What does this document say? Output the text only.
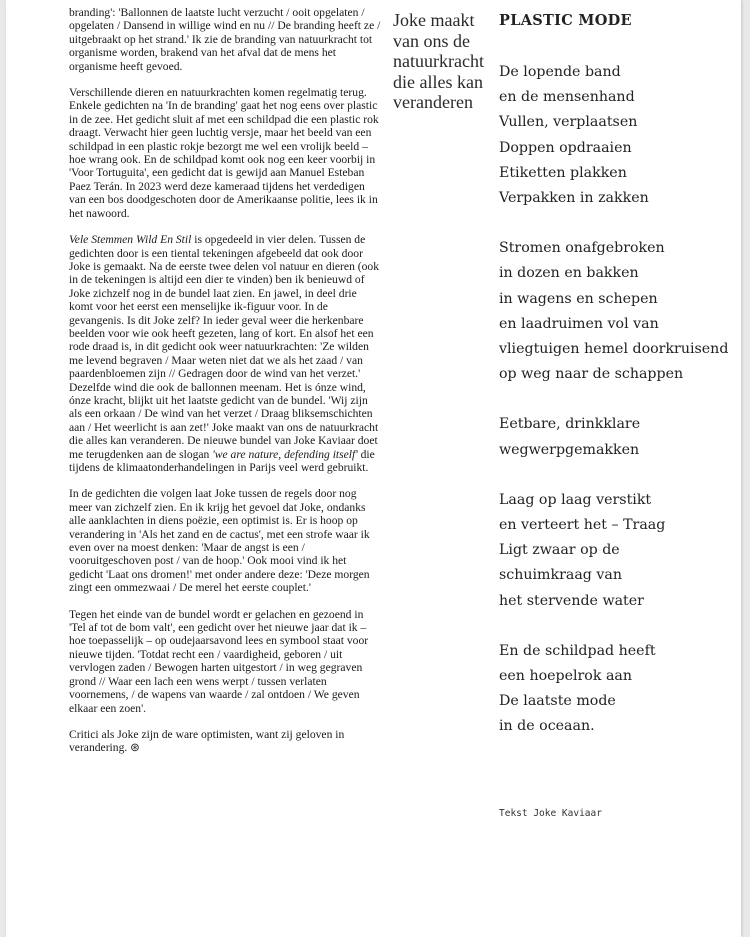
branding': 'Ballonnen de laatste lucht verzucht / ooit opgelaten / opgelaten / Dansend in willige wind en nu // De branding heeft ze / uitgebraakt op het strand.' Ik zie de branding van natuurkracht tot organisme worden, brakend van het afval dat de mens het organisme heeft gevoed.

Verschillende dieren en natuurkrachten komen regelmatig terug. Enkele gedichten na 'In de branding' gaat het nog eens over plastic in de zee. Het gedicht sluit af met een schildpad die een plastic rok draagt. Verwacht hier geen luchtig versje, maar het beeld van een schildpad in een plastic rokje bezorgt me wel een vrolijk beeld – hoe wrang ook. En de schildpad komt ook nog een keer voorbij in 'Voor Tortuguita', een gedicht dat is gewijd aan Manuel Esteban Paez Terán. In 2023 werd deze kameraad tijdens het verdedigen van een bos doodgeschoten door de Amerikaanse politie, lees ik in het nawoord.

Vele Stemmen Wild En Stil is opgedeeld in vier delen. Tussen de gedichten door is een tiental tekeningen afgebeeld dat ook door Joke is gemaakt. Na de eerste twee delen vol natuur en dieren (ook in de tekeningen is altijd een dier te vinden) ben ik benieuwd of Joke zichzelf nog in de bundel laat zien. En jawel, in deel drie komt voor het eerst een menselijke ik-figuur voor. In de gevangenis. Is dit Joke zelf? In ieder geval weer die herkenbare beelden voor wie ook heeft gezeten, lang of kort. En alsof het een rode draad is, in dit gedicht ook weer natuurkrachten: 'Ze wilden me levend begraven / Maar weten niet dat we als het zaad / van paardenbloemen zijn // Gedragen door de wind van het verzet.' Dezelfde wind die ook de ballonnen meenam. Het is ónze wind, ónze kracht, blijkt uit het laatste gedicht van de bundel. 'Wij zijn als een orkaan / De wind van het verzet / Draag bliksemschichten aan / Het weerlicht is aan zet!' Joke maakt van ons de natuurkracht die alles kan veranderen. De nieuwe bundel van Joke Kaviaar doet me terugdenken aan de slogan 'we are nature, defending itself' die tijdens de klimaatonderhandelingen in Parijs veel werd gebruikt.

In de gedichten die volgen laat Joke tussen de regels door nog meer van zichzelf zien. En ik krijg het gevoel dat Joke, ondanks alle aanklachten in diens poëzie, een optimist is. Er is hoop op verandering in 'Als het zand en de cactus', met een strofe waar ik even over na moest denken: 'Maar de angst is een / vooruitgeschoven post / van de hoop.' Ook mooi vind ik het gedicht 'Laat ons dromen!' met onder andere deze: 'Deze morgen zingt een ommezwaai / De merel het eerste couplet.'

Tegen het einde van de bundel wordt er gelachen en gezoend in 'Tel af tot de bom valt', een gedicht over het nieuwe jaar dat ik – hoe toepasselijk – op oudejaarsavond lees en symbool staat voor nieuwe tijden. 'Totdat recht een / vaardigheid, geboren / uit vervlogen zaden / Bewogen harten uitgestort / in weg gegraven grond // Waar een lach een wens werpt / tussen verlaten voornemens, / de wapens van waarde / zal ontdoen / We geven elkaar een zoen'.

Critici als Joke zijn de ware optimisten, want zij geloven in verandering. ⊛

Joke maakt van ons de natuurkracht die alles kan veranderen
PLASTIC MODE
De lopende band
en de mensenhand
Vullen, verplaatsen
Doppen opdraaien
Etiketten plakken
Verpakken in zakken
Stromen onafgebroken
in dozen en bakken
in wagens en schepen
en laadruimen vol van
vliegtuigen hemel doorkruisend
op weg naar de schappen
Eetbare, drinkklare
wegwerpgemakken
Laag op laag verstikt
en verteert het – Traag
Ligt zwaar op de
schuimkraag van
het stervende water
En de schildpad heeft
een hoepelrok aan
De laatste mode
in de oceaan.
Tekst Joke Kaviaar
